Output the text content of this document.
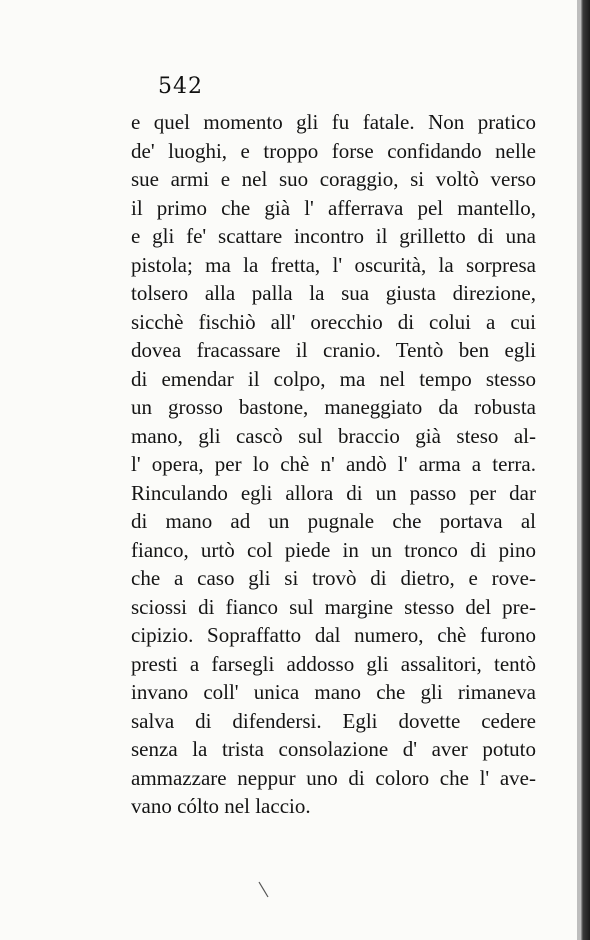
542
e quel momento gli fu fatale. Non pratico
de' luoghi, e troppo forse confidando nelle
sue armi e nel suo coraggio, si voltò verso
il primo che già l' afferrava pel mantello,
e gli fe' scattare incontro il grilletto di una
pistola; ma la fretta, l' oscurità, la sorpresa
tolsero alla palla la sua giusta direzione,
sicchè fischiò all' orecchio di colui a cui
dovea fracassare il cranio. Tentò ben egli
di emendar il colpo, ma nel tempo stesso
un grosso bastone, maneggiato da robusta
mano, gli cascò sul braccio già steso al-
l' opera, per lo chè n' andò l' arma a terra.
Rinculando egli allora di un passo per dar
di mano ad un pugnale che portava al
fianco, urtò col piede in un tronco di pino
che a caso gli si trovò di dietro, e rove-
sciossi di fianco sul margine stesso del pre-
cipizio. Sopraffatto dal numero, chè furono
presti a farsegli addosso gli assalitori, tentò
invano coll' unica mano che gli rimaneva
salva di difendersi. Egli dovette cedere
senza la trista consolazione d' aver potuto
ammazzare neppur uno di coloro che l' ave-
vano cólto nel laccio.
